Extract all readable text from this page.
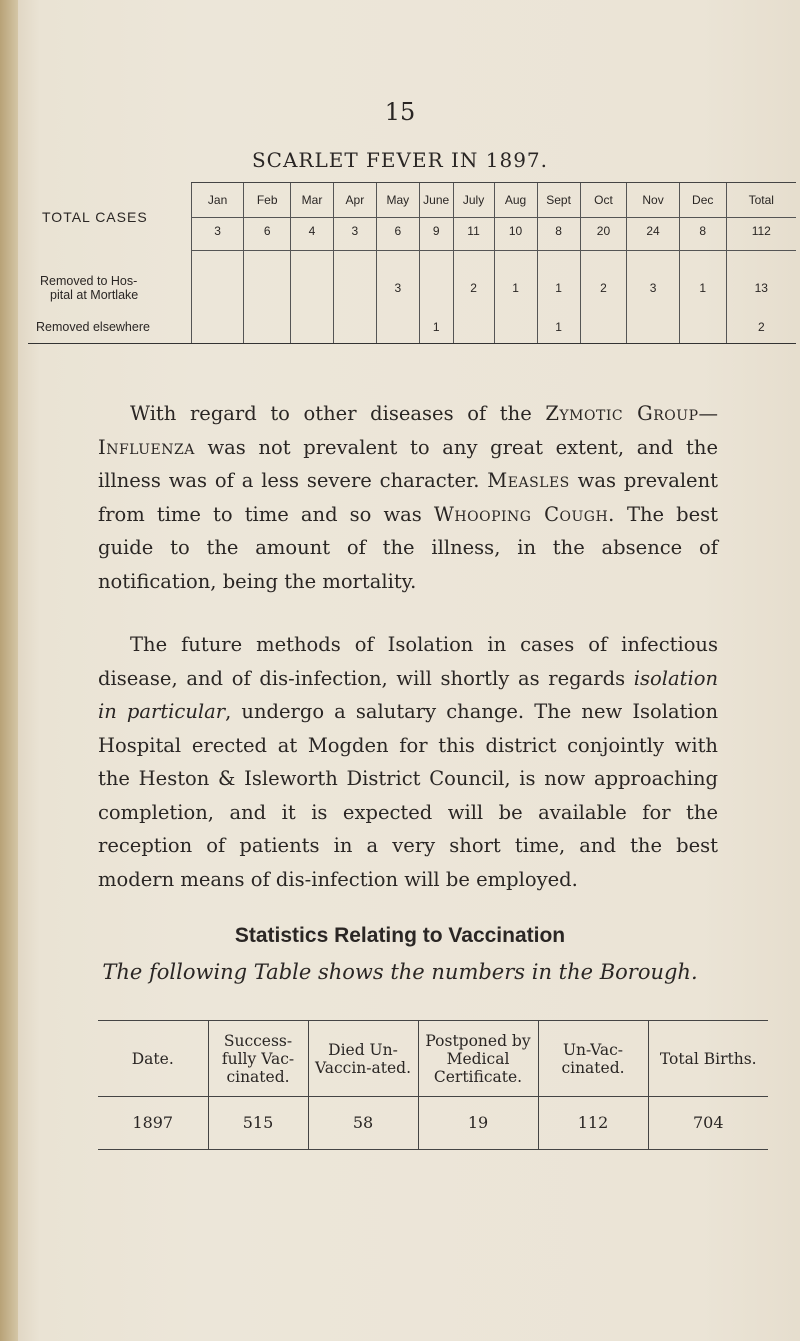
15
SCARLET FEVER IN 1897.
TOTAL CASES	Jan	Feb	Mar	Apr	May	June	July	Aug	Sept	Oct	Nov	Dec	Total
	3	6	4	3	6	9	11	10	8	20	24	8	112

Removed to Hos-
pital at Mortlake					3		2	1	1	2	3	1	13
Removed elsewhere						1			1				2
With regard to other diseases of the Zymotic Group—Influenza was not prevalent to any great extent, and the illness was of a less severe character. Measles was prevalent from time to time and so was Whooping Cough. The best guide to the amount of the illness, in the absence of notification, being the mortality.
The future methods of Isolation in cases of infectious disease, and of dis-infection, will shortly as regards isolation in particular, undergo a salutary change. The new Isolation Hospital erected at Mogden for this district conjointly with the Heston & Isleworth District Council, is now approaching completion, and it is expected will be available for the reception of patients in a very short time, and the best modern means of dis-infection will be employed.
Statistics Relating to Vaccination
The following Table shows the numbers in the Borough.
Date.	Success-fully Vac-cinated.	Died Un-Vaccin-ated.	Postponed by Medical Certificate.	Un-Vac-cinated.	Total Births.
1897	515	58	19	112	704
